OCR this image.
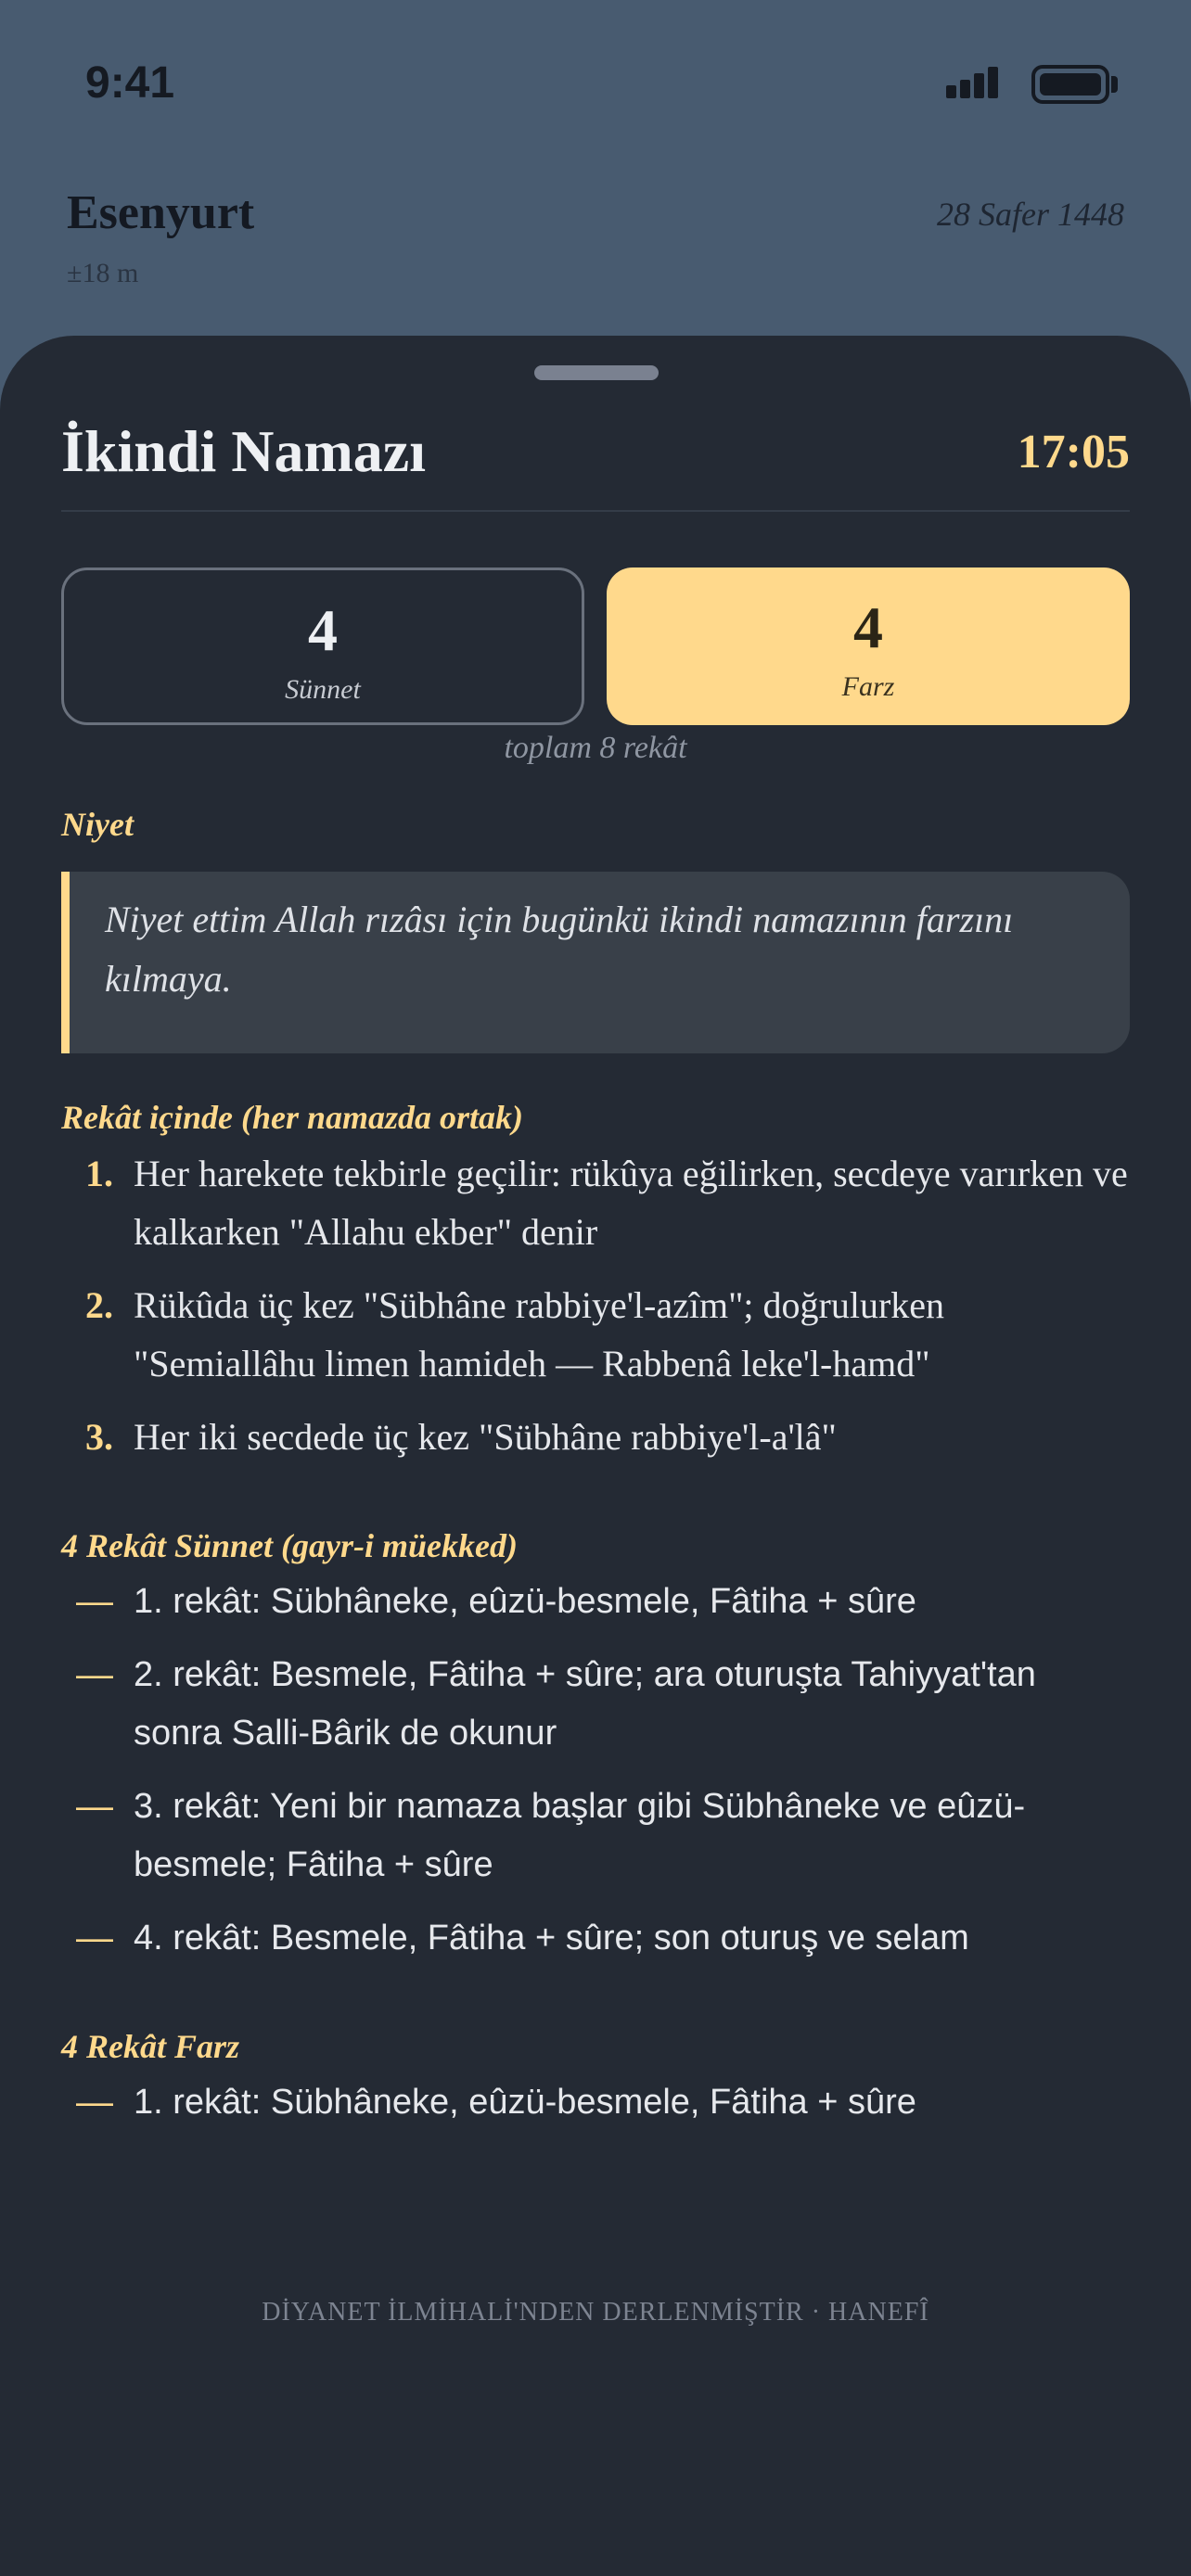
9:41
Esenyurt
±18 m
28 Safer 1448
İkindi Namazı	17:05
4
Sünnet
4
Farz
toplam 8 rekât
Niyet
Niyet ettim Allah rızâsı için bugünkü ikindi namazının farzını kılmaya.
Rekât içinde (her namazda ortak)
1. Her harekete tekbirle geçilir: rükûya eğilirken, secdeye varırken ve kalkarken "Allahu ekber" denir
2. Rükûda üç kez "Sübhâne rabbiye'l-azîm"; doğrulurken "Semiallâhu limen hamideh — Rabbenâ leke'l-hamd"
3. Her iki secdede üç kez "Sübhâne rabbiye'l-a'lâ"
4 Rekât Sünnet (gayr-i müekked)
— 1. rekât: Sübhâneke, eûzü-besmele, Fâtiha + sûre
— 2. rekât: Besmele, Fâtiha + sûre; ara oturuşta Tahiyyat'tan sonra Salli-Bârik de okunur
— 3. rekât: Yeni bir namaza başlar gibi Sübhâneke ve eûzü-besmele; Fâtiha + sûre
— 4. rekât: Besmele, Fâtiha + sûre; son oturuş ve selam
4 Rekât Farz
— 1. rekât: Sübhâneke, eûzü-besmele, Fâtiha + sûre
DİYANET İLMİHALİ'NDEN DERLENMİŞTİR · HANEFÎ
